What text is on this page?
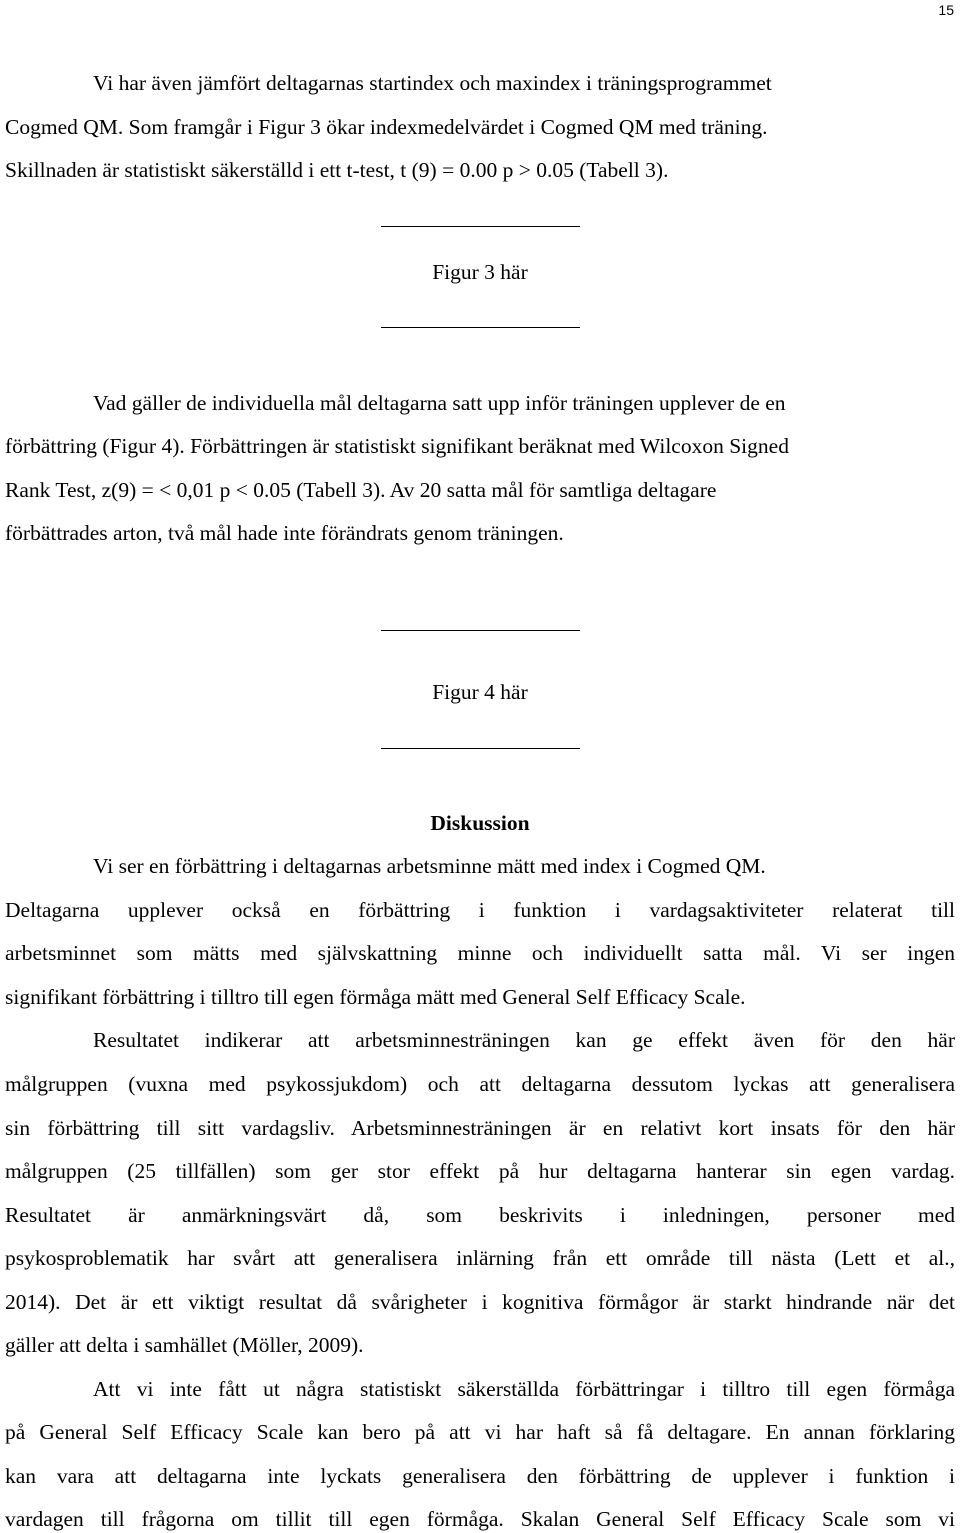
15
Vi har även jämfört deltagarnas startindex och maxindex i träningsprogrammet
Cogmed QM. Som framgår i Figur 3 ökar indexmedelvärdet i Cogmed QM med träning.
Skillnaden är statistiskt säkerställd i ett t-test, t (9) = 0.00 p > 0.05 (Tabell 3).
Figur 3 här
Vad gäller de individuella mål deltagarna satt upp inför träningen upplever de en
förbättring (Figur 4). Förbättringen är statistiskt signifikant beräknat med Wilcoxon Signed
Rank Test, z(9) = < 0,01 p < 0.05 (Tabell 3). Av 20 satta mål för samtliga deltagare
förbättrades arton, två mål hade inte förändrats genom träningen.
Figur 4 här
Diskussion
Vi ser en förbättring i deltagarnas arbetsminne mätt med index i Cogmed QM.
Deltagarna upplever också en förbättring i funktion i vardagsaktiviteter relaterat till
arbetsminnet som mätts med självskattning minne och individuellt satta mål. Vi ser ingen
signifikant förbättring i tilltro till egen förmåga mätt med General Self Efficacy Scale.
Resultatet indikerar att arbetsminnesträningen kan ge effekt även för den här
målgruppen (vuxna med psykossjukdom) och att deltagarna dessutom lyckas att generalisera
sin förbättring till sitt vardagsliv. Arbetsminnesträningen är en relativt kort insats för den här
målgruppen (25 tillfällen) som ger stor effekt på hur deltagarna hanterar sin egen vardag.
Resultatet är anmärkningsvärt då, som beskrivits i inledningen, personer med
psykosproblematik har svårt att generalisera inlärning från ett område till nästa (Lett et al.,
2014). Det är ett viktigt resultat då svårigheter i kognitiva förmågor är starkt hindrande när det
gäller att delta i samhället (Möller, 2009).
Att vi inte fått ut några statistiskt säkerställda förbättringar i tilltro till egen förmåga
på General Self Efficacy Scale kan bero på att vi har haft så få deltagare. En annan förklaring
kan vara att deltagarna inte lyckats generalisera den förbättring de upplever i funktion i
vardagen till frågorna om tillit till egen förmåga. Skalan General Self Efficacy Scale som vi
